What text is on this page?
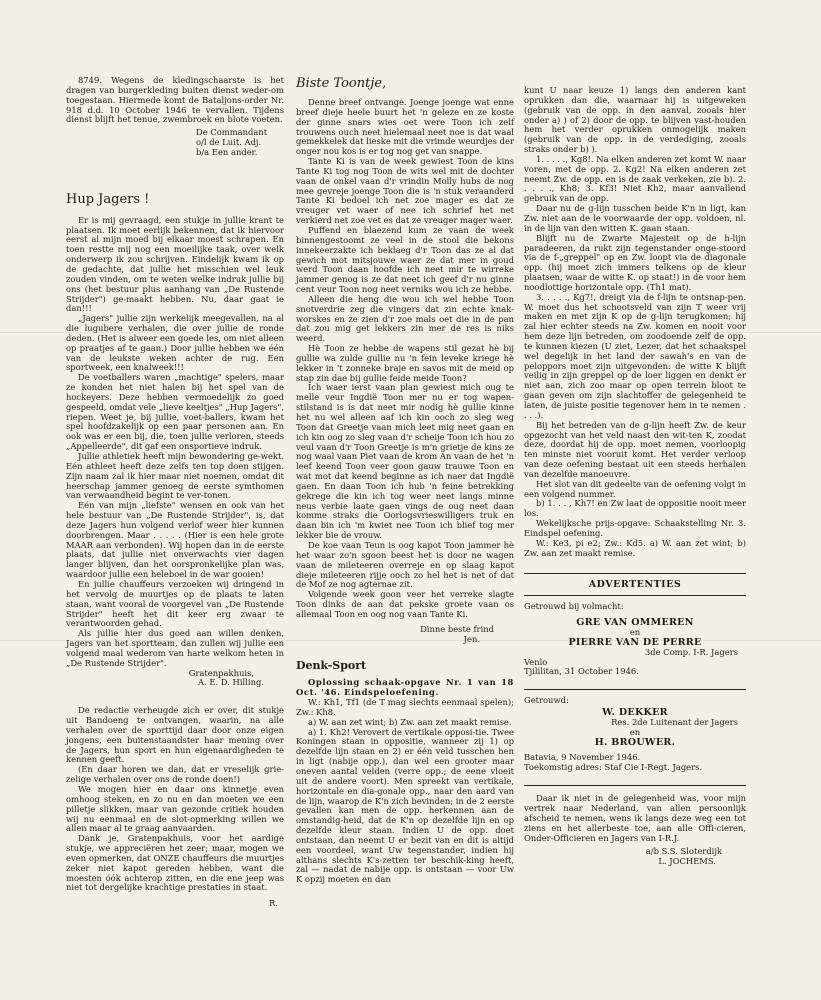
8749. Wegens de kledingschaarste is het dragen van burgerkleding buiten dienst weder-om toegestaan. Hiermede komt de Bataljons-order Nr. 918 d.d. 10 October 1946 te vervallen. Tijdens dienst blijft het tenue, zwembroek en blote voeten.

De Commandant
o/l de Luit. Adj.
b/a Een ander.
Hup Jagers !

Er is mij gevraagd, een stukje in jullie krant te plaatsen. Ik moet eerlijk bekennen, dat ik hiervoor eerst al mijn moed bij elkaar moest schrapen. En toen restte mij nog een moeilijke taak, over welk onderwerp ik zou schrijven. Eindelijk kwam ik op de gedachte, dat jullie het misschien wel leuk zouden vinden, om te weten welke indruk jullie bij ons (het bestuur plus aanhang van „De Rustende Strijder") ge-maakt hebben. Nu, daar gaat ie dan!!!

„Jagers" jullie zijn werkelijk meegevallen, na al die lugubere verhalen, die over jullie de ronde deden. (Het is alweer een goede les, om niet alleen op praatjes af te gaan.) Door jullie hebben we één van de leukste weken achter de rug. Een sportweek, een knalweek!!!

De voetballers waren „machtige" spelers, maar ze konden het niet halen bij het spel van de hockeyers. Deze hebben vermoedelijk zo goed gespeeld, omdat vele „lieve keeltjes" „Hup Jagers", riepen. Weet je, bij jullie, voet-ballers, kwam het spel hoofdzakelijk op een paar personen aan. En ook was er een bij, die, toen jullie verloren, steeds „Appelleerde", dit gaf een onsportieve indruk.

Jullie athletiek heeft mijn bewondering ge-wekt. Eén athleet heeft deze zelfs ten top doen stijgen. Zijn naam zal ik hier maar niet noemen, omdat dit heerschap jammer genoeg de eerste symthomen van verwaandheid begint te ver-tonen.

Eén van mijn „liefste" wensen en ook van het hele bestuur van „De Rustende Strijder", is, dat deze Jagers hun volgend verlof weer hier kunnen doorbrengen. Maar . . . . . (Hier is een hele grote MAAR aan verbonden). Wij hopen dan in de eerste plaats, dat jullie niet onverwachts vier dagen langer blijven, dan het oorspronkelijke plan was, waardoor jullie een heleboel in de war gooien!

En jullie chauffeurs verzoeken wij dringend in het vervolg de muurtjes op de plaats te laten staan, want vooral de voorgevel van „De Rustende Strijder" heeft het dit keer erg zwaar te verantwoorden gehad.

Als jullie hier dus goed aan willen denken, Jagers van het sportteam, dan zullen wij jullie een volgend maal wederom van harte welkom heten in „De Rustende Strijder".

Gratenpakhuis,
A. E. D. Hilling.

De redactie verheugde zich er over, dit stukje uit Bandoeng te ontvangen, waarin, na alle verhalen over de sporttijd daar door onze eigen jongens, een buitenstaandster haar mening over de Jagers, hun sport en hun eigenaardigheden te kennen geeft.

(En daar horen we dan, dat er vreselijk grie-zelige verhalen over ons de ronde doen!)

We mogen hier en daar ons kinnetje even omhoog steken, en zo nu en dan moeten we een pilletje slikken, maar van gezonde critiek houden wij nu eenmaal en de slot-opmerking willen we allen maar al te graag aanvaarden.

Dank je, Gratenpakhuis, voor het aardige stukje, we appreciëren het zeer; maar, mogen we even opmerken, dat ONZE chauffeurs die muurtjes zeker niet kapot gereden hebben, want die moesten óók achterop zitten, en die ene jeep was niet tot dergelijke krachtige prestaties in staat.

R.
Biste Toontje,

Denne breef ontvange. Joenge joenge wat enne breef dieje heele buurt het 'n geleze en ze koste der ginne snars wies oet were Toon ich zelf trouwens ouch neet hielemaal neet noe is dat waal gemekkelek dat lieske mit die vrimde weurdjes der onger nou kos is er tog nog get van snappe.

Tante Ki is van de week gewiest Toon de kins Tante Ki tog nog Toon de wits wel mit de dochter vaan de onkel vaan d'r vrindin Molly hubs de nog mee gevreje joenge Toon die is 'n stuk veraanderd Tante Ki bedoel ich net zoe mager es dat ze vreuger vet waer of nee ich schrief het net verkierd net zoe vet es dat ze vreuger mager waer.

Puffend en blaezend kum ze vaan de week binnengestoomt ze veel in de stool die bekons innekeerzakte ich beklaeg d'r Toon das ze al dat gewich mot mitsjouwe waer ze dat mer in goud werd Toon daan hoofde ich neet mir te wirreke jammer genog is ze dat neet ich geef d'r nu ginne cent veur Toon nog neet verniks wou ich ze hebbe.

Alleen die heng die wou ich wel hebbe Toon snotverdrie zeg die vingers dat zin echte knak-worskes en ze zien d'r zoe mals oet die in de pan dat zou mig get lekkers zin mer de res is niks weerd.

Hè Toon ze hebbe de wapens stil gezat hè bij gullie wa zulde gullie nu 'n fein leveke kriege hè lekker in 't zonneke braje en savos mit de meid op stap zin dae bij gullie feide meide Toon?

Ich waer ierst vaan plan gewiest mich oug te melle veur Ingdië Toon mer nu er tog wapen-stilstand is is dat neet mir nodig hè gullie kinne het nu wel alleen aaf ich kin ooch zo sleg weg Toon dat Greetje vaan mich leet mig neet gaan en ich kin oog zo sleg vaan d'r scheije Toon ich hou zo veul vaan d'r Toon Greetje is m'n grietje de kins ze nog waal vaan Piet vaan de krom An vaan de het 'n leef keend Toon veer goon gauw trauwe Toon en wat mot dat keend beginne as ich naer dat Ingdië gaen. En daan Toon ich hub 'n feine betrekking gekrege die kin ich tog weer neet langs minne neus verbie laate gaen vings de oug neet daan komme straks die Oorlogsvrieswilligers truk en daan bin ich 'm kwiet nee Toon ich blief tog mer lekker bie de vrouw.

De koe vaan Teun is oog kapot Toon jammer hè het waar zo'n sgoon beest het is door ne wagen vaan de mileteeren overreje en op slaag kapot dieje mileteeren rijje ooch zo hel het is net of dat de Mof ze nog agternae zit.

Volgende week goon veer het verreke slagte Toon dinks de aan dat pekske groete vaan os allemaal Toon en oog nog vaan Tante Ki.

Dinne beste frind
Jen.
Denk-Sport

Oplossing schaak-opgave Nr. 1 van 18 Oct. '46. Eindspeloefening.

W.: Kh1, Tf1 (de T mag slechts eenmaal spelen); Zw.: Kh8.

a) W. aan zet wint; b) Zw. aan zet maakt remise.

a) 1. Kh2! Verovert de vertikale opposi-tie. Twee Koningen staan in oppositie, wanneer zij 1) op dezelfde lijn staan en 2) er één veld tusschen hen in ligt (nabije opp.), dan wel een grooter maar oneven aantal velden (verre opp.; de eene vloeit uit de andere voort). Men spreekt van vertikale, horizontale en dia-gonale opp., naar den aard van de lijn, waarop de K'n zich bevinden; in de 2 eerste gevallen kan men de opp. herkennen aan de omstandig-heid, dat de K'n op dezelfde lijn en op dezelfde kleur staan. Indien U de opp. doet ontstaan, dan neemt U er bezit van en dit is altijd een voordeel, want Uw tegenstander, indien hij althans slechts K's-zetten ter beschik-king heeft, zal — nadat de nabije opp. is ontstaan — voor Uw K opzij moeten en dan

kunt U naar keuze 1) langs den anderen kant oprukken dan die, waarnaar hij is uitgeweken (gebruik van de opp. in den aanval, zooals hier onder a) ) of 2) door de opp. te blijven vast-houden hem het verder oprukken onmogelijk maken (gebruik van de opp. in de verdediging, zooals straks onder b) ).

1. . . . ., Kg8!. Na elken anderen zet komt W. naar voren, met de opp. 2. Kg2! Na elken anderen zet neemt Zw. de opp. en is de zaak verkeken, zie b). 2. . . . ., Kh8; 3. Kf3! Niet Kh2, maar aanvallend gebruik van de opp.

Daar nu de g-lijn tusschen beide K'n in ligt, kan Zw. niet aan de le voorwaarde der opp. voldoen, nl. in de lijn van den witten K. gaan staan.

Blijft nu de Zwarte Majesteit op de h-lijn paradeeren, da rukt zijn tegenstander onge-stoord via de f-„greppel" op en Zw. loopt via de diagonale opp. (hij moet zich immers telkens op de kleur plaatsen, waar de witte K. op staat!) in de voor hem noodlottige horizontale opp. (Th1 mat).

3. . . . ., Kg7!, dreigt via de f-lijn te ontsnap-pen. W. moet dus het schootsveld van zijn T weer vrij maken en met zijn K op de g-lijn terugkomen; hij zal hier echter steeds na Zw. komen en nooit voor hem deze lijn betreden, om zoodoende zelf de opp. te kunnen kiezen (U ziet, Lezer, dat het schaakspel wel degelijk in het land der sawah's en van de peloppors moet zijn uitgevonden: de witte K blijft veilig in zijn greppel op de loer liggen en denkt er niet aan, zich zoo maar op open terrein bloot te gaan geven om zijn slachtoffer de gelegenheid te laten, de juiste positie tegenover hem in te nemen . . . .).

Bij het betreden van de g-lijn heeft Zw. de keur opgezocht van het veld naast den wit-ten K, zoodat deze, doordat hij de opp. moet nemen, voorloopig ten minste niet vooruit komt. Het verder verloop van deze oefening bestaat uit een steeds herhalen van dezelfde manoeuvre.

Het slot van dit gedeelte van de oefening volgt in een volgend nummer.

b) 1. . . , Kh7! en Zw laat de oppositie nooit meer los.

Wekelijksche prijs-opgave: Schaakstelling Nr. 3. Eindspel oefening.

W.: Ke3, pi e2; Zw.: Kd5. a) W. aan zet wint; b) Zw. aan zet maakt remise.

ADVERTENTIES
Getrouwd bij volmacht:
GRE VAN OMMEREN
en
PIERRE VAN DE PERRE
3de Comp. I-R. Jagers
Venlo
Tjililitan, 31 October 1946.
Getrouwd:
W. DEKKER
Res. 2de Luitenant der Jagers
en
H. BROUWER.
Batavia, 9 November 1946.
Toekomstig adres: Staf Cie I-Regt. Jagers.

Daar ik niet in de gelegenheid was, voor mijn vertrek naar Nederland, van allen persoonlijk afscheid te nemen, wens ik langs deze weg een tot ziens en het allerbeste toe, aan alle Offi-cieren, Onder-Officieren en Jagers van I-R.J.

a/b S.S. Sloterdijk
L. JOCHEMS.
